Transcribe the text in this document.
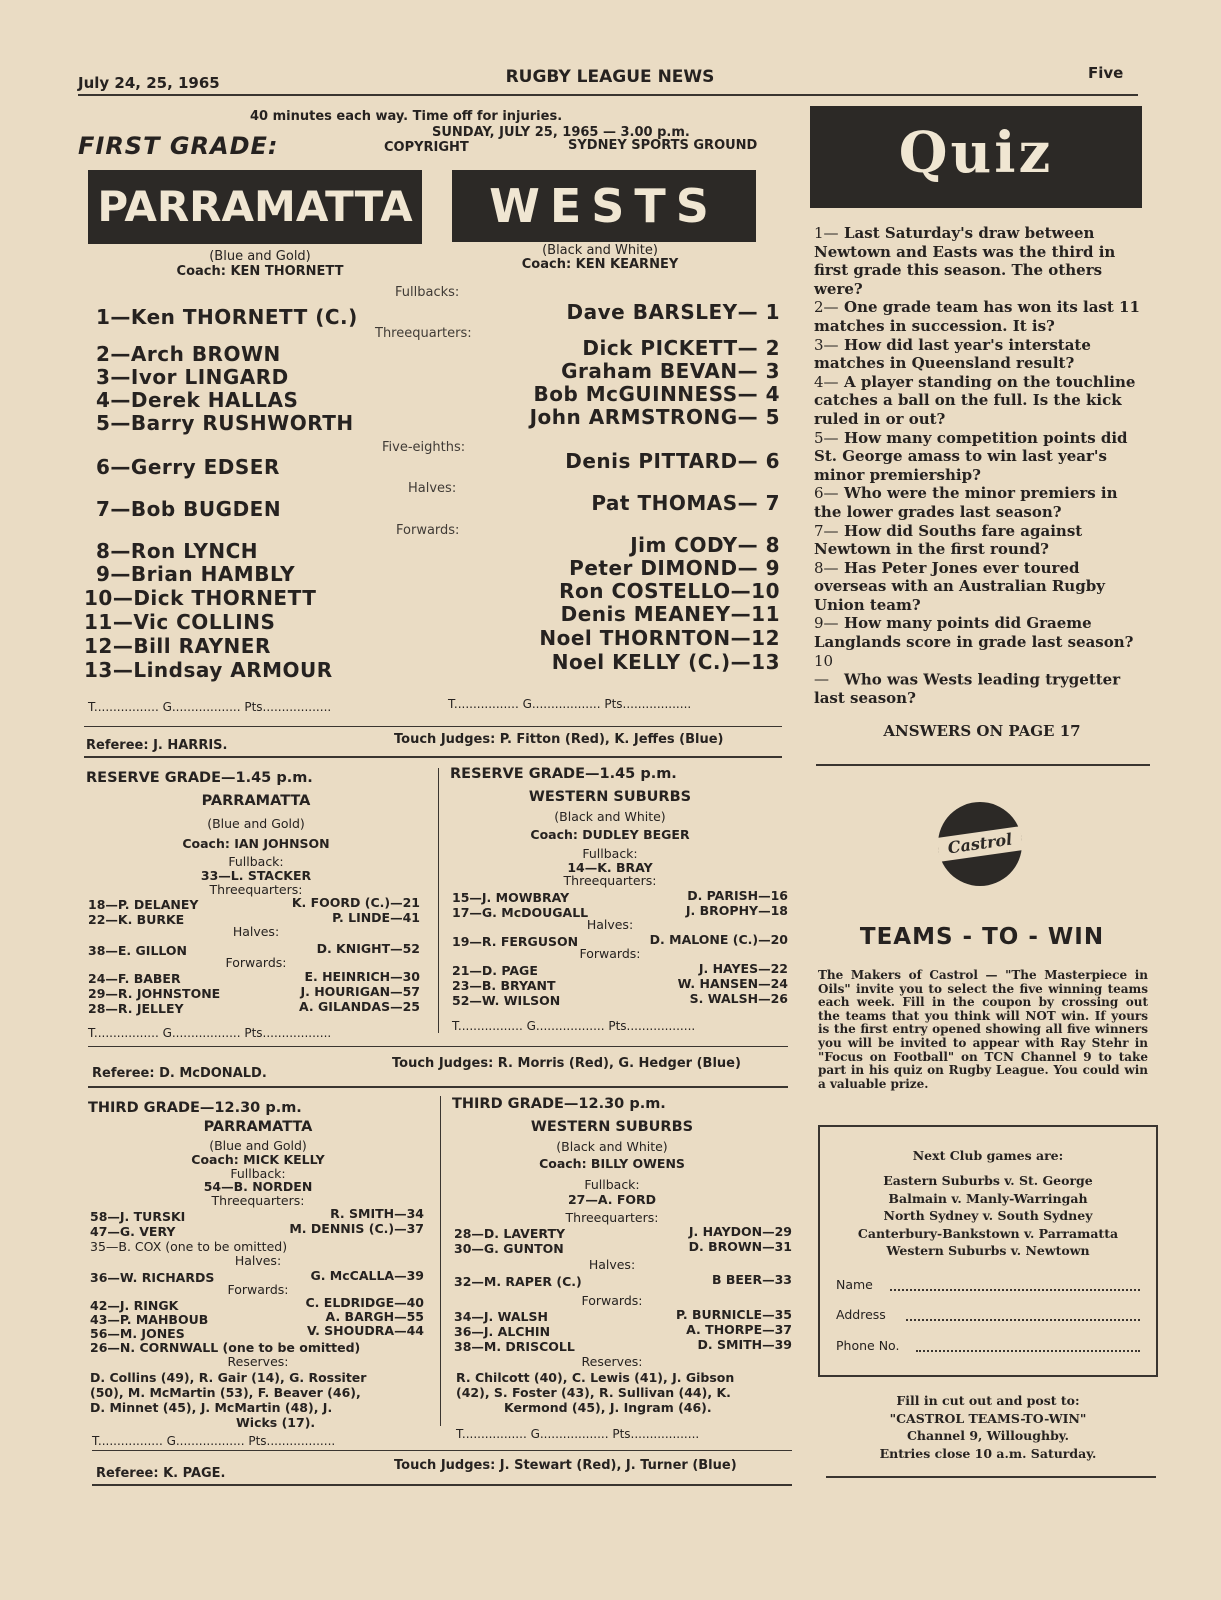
July 24, 25, 1965	RUGBY LEAGUE NEWS	Five
40 minutes each way. Time off for injuries.
FIRST GRADE:	SUNDAY, JULY 25, 1965 — 3.00 p.m.
COPYRIGHT	SYDNEY SPORTS GROUND
PARRAMATTA	WESTS
(Blue and Gold)
Coach: KEN THORNETT
(Black and White)
Coach: KEN KEARNEY
Fullbacks:
Threequarters:
Five-eighths:
Halves:
Forwards:
1—Ken THORNETT (C.)
2—Arch BROWN
3—Ivor LINGARD
4—Derek HALLAS
5—Barry RUSHWORTH
6—Gerry EDSER
7—Bob BUGDEN
8—Ron LYNCH
9—Brian HAMBLY
10—Dick THORNETT
11—Vic COLLINS
12—Bill RAYNER
13—Lindsay ARMOUR
Dave BARSLEY— 1
Dick PICKETT— 2
Graham BEVAN— 3
Bob McGUINNESS— 4
John ARMSTRONG— 5
Denis PITTARD— 6
Pat THOMAS— 7
Jim CODY— 8
Peter DIMOND— 9
Ron COSTELLO—10
Denis MEANEY—11
Noel THORNTON—12
Noel KELLY (C.)—13
T................. G.................. Pts..................	T................. G.................. Pts..................
Referee: J. HARRIS.	Touch Judges: P. Fitton (Red), K. Jeffes (Blue)
RESERVE GRADE—1.45 p.m.
PARRAMATTA
(Blue and Gold)
Coach: IAN JOHNSON
Fullback:
33—L. STACKER
Threequarters:
18—P. DELANEY	K. FOORD (C.)—21
22—K. BURKE	P. LINDE—41
Halves:
38—E. GILLON	D. KNIGHT—52
Forwards:
24—F. BABER	E. HEINRICH—30
29—R. JOHNSTONE	J. HOURIGAN—57
28—R. JELLEY	A. GILANDAS—25
T................. G.................. Pts..................
RESERVE GRADE—1.45 p.m.
WESTERN SUBURBS
(Black and White)
Coach: DUDLEY BEGER
Fullback:
14—K. BRAY
Threequarters:
15—J. MOWBRAY	D. PARISH—16
17—G. McDOUGALL	J. BROPHY—18
Halves:
19—R. FERGUSON	D. MALONE (C.)—20
Forwards:
21—D. PAGE	J. HAYES—22
23—B. BRYANT	W. HANSEN—24
52—W. WILSON	S. WALSH—26
T................. G.................. Pts..................
Referee: D. McDONALD.
Touch Judges: R. Morris (Red), G. Hedger (Blue)
THIRD GRADE—12.30 p.m.
PARRAMATTA
(Blue and Gold)
Coach: MICK KELLY
Fullback:
54—B. NORDEN
Threequarters:
58—J. TURSKI	R. SMITH—34
47—G. VERY	M. DENNIS (C.)—37
35—B. COX (one to be omitted)
Halves:
36—W. RICHARDS	G. McCALLA—39
Forwards:
42—J. RINGK	C. ELDRIDGE—40
43—P. MAHBOUB	A. BARGH—55
56—M. JONES	V. SHOUDRA—44
26—N. CORNWALL (one to be omitted)
Reserves:
D. Collins (49), R. Gair (14), G. Rossiter
(50), M. McMartin (53), F. Beaver (46),
D. Minnet (45), J. McMartin (48), J.
Wicks (17).
T................. G.................. Pts..................
THIRD GRADE—12.30 p.m.
WESTERN SUBURBS
(Black and White)
Coach: BILLY OWENS
Fullback:
27—A. FORD
Threequarters:
28—D. LAVERTY	J. HAYDON—29
30—G. GUNTON	D. BROWN—31
Halves:
32—M. RAPER (C.)	B BEER—33
Forwards:
34—J. WALSH	P. BURNICLE—35
36—J. ALCHIN	A. THORPE—37
38—M. DRISCOLL	D. SMITH—39
Reserves:
R. Chilcott (40), C. Lewis (41), J. Gibson
(42), S. Foster (43), R. Sullivan (44), K.
Kermond (45), J. Ingram (46).
T................. G.................. Pts..................
Referee: K. PAGE.
Touch Judges: J. Stewart (Red), J. Turner (Blue)
Quiz
1— Last Saturday's draw between Newtown and Easts was the third in first grade this season. The others were?
2— One grade team has won its last 11 matches in succession. It is?
3— How did last year's interstate matches in Queensland result?
4— A player standing on the touchline catches a ball on the full. Is the kick ruled in or out?
5— How many competition points did St. George amass to win last year's minor premiership?
6— Who were the minor premiers in the lower grades last season?
7— How did Souths fare against Newtown in the first round?
8— Has Peter Jones ever toured overseas with an Australian Rugby Union team?
9— How many points did Graeme Langlands score in grade last season?
10— Who was Wests leading trygetter last season?
ANSWERS ON PAGE 17
Castrol
TEAMS - TO - WIN
The Makers of Castrol — "The Masterpiece in Oils" invite you to select the five winning teams each week. Fill in the coupon by crossing out the teams that you think will NOT win. If yours is the first entry opened showing all five winners you will be invited to appear with Ray Stehr in "Focus on Football" on TCN Channel 9 to take part in his quiz on Rugby League. You could win a valuable prize.
Next Club games are:
Eastern Suburbs v. St. George
Balmain v. Manly-Warringah
North Sydney v. South Sydney
Canterbury-Bankstown v. Parramatta
Western Suburbs v. Newtown
Name
Address
Phone No.
Fill in cut out and post to:
"CASTROL TEAMS-TO-WIN"
Channel 9, Willoughby.
Entries close 10 a.m. Saturday.
